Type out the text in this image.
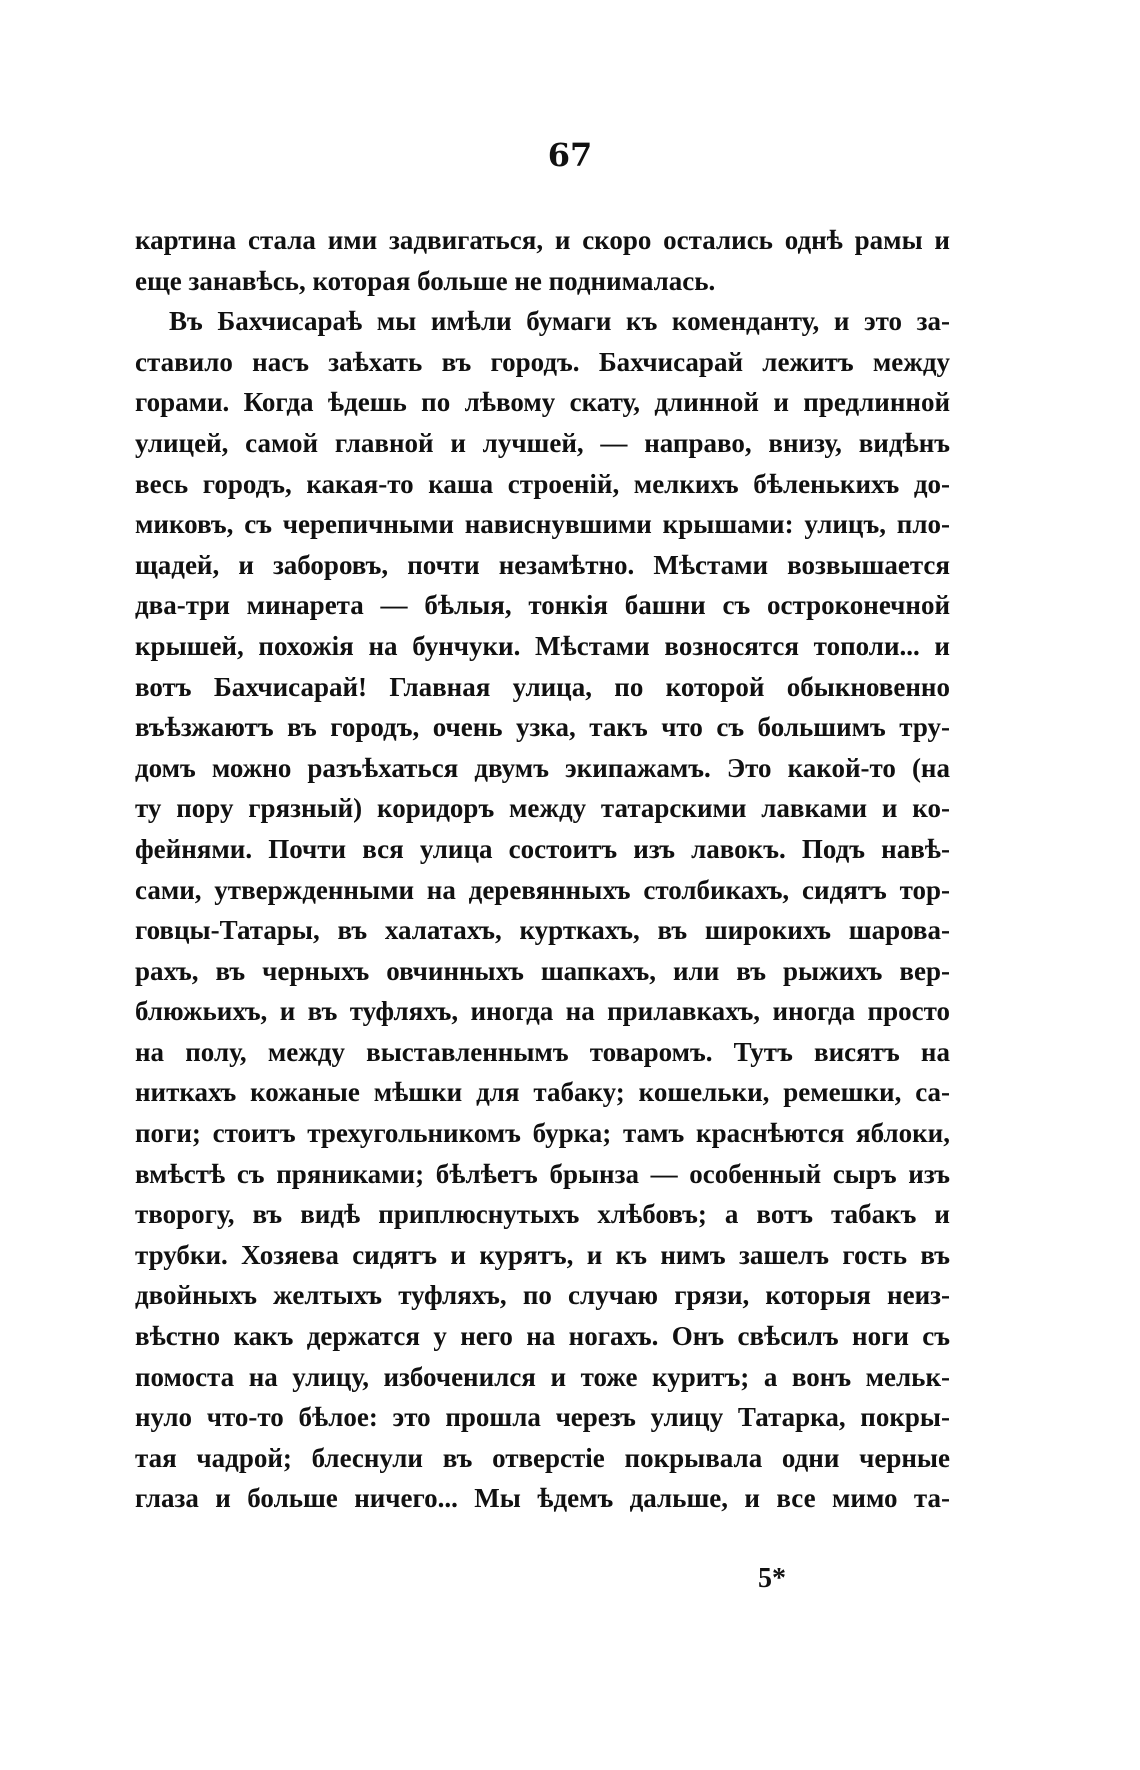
67
картина стала ими задвигаться, и скоро остались однѣ рамы и
еще занавѣсь, которая больше не поднималась.
Въ Бахчисараѣ мы имѣли бумаги къ коменданту, и это за-
ставило насъ заѣхать въ городъ. Бахчисарай лежитъ между
горами. Когда ѣдешь по лѣвому скату, длинной и предлинной
улицей, самой главной и лучшей, — направо, внизу, видѣнъ
весь городъ, какая-то каша строеній, мелкихъ бѣленькихъ до-
миковъ, съ черепичными нависнувшими крышами: улицъ, пло-
щадей, и заборовъ, почти незамѣтно. Мѣстами возвышается
два-три минарета — бѣлыя, тонкія башни съ остроконечной
крышей, похожія на бунчуки. Мѣстами возносятся тополи... и
вотъ Бахчисарай! Главная улица, по которой обыкновенно
въѣзжаютъ въ городъ, очень узка, такъ что съ большимъ тру-
домъ можно разъѣхаться двумъ экипажамъ. Это какой-то (на
ту пору грязный) коридоръ между татарскими лавками и ко-
фейнями. Почти вся улица состоитъ изъ лавокъ. Подъ навѣ-
сами, утвержденными на деревянныхъ столбикахъ, сидятъ тор-
говцы-Татары, въ халатахъ, курткахъ, въ широкихъ шарова-
рахъ, въ черныхъ овчинныхъ шапкахъ, или въ рыжихъ вер-
блюжьихъ, и въ туфляхъ, иногда на прилавкахъ, иногда просто
на полу, между выставленнымъ товаромъ. Тутъ висятъ на
ниткахъ кожаные мѣшки для табаку; кошельки, ремешки, са-
поги; стоитъ трехугольникомъ бурка; тамъ краснѣются яблоки,
вмѣстѣ съ пряниками; бѣлѣетъ брынза — особенный сыръ изъ
творогу, въ видѣ приплюснутыхъ хлѣбовъ; а вотъ табакъ и
трубки. Хозяева сидятъ и курятъ, и къ нимъ зашелъ гость въ
двойныхъ желтыхъ туфляхъ, по случаю грязи, которыя неиз-
вѣстно какъ держатся у него на ногахъ. Онъ свѣсилъ ноги съ
помоста на улицу, избоченился и тоже куритъ; а вонъ мельк-
нуло что-то бѣлое: это прошла черезъ улицу Татарка, покры-
тая чадрой; блеснули въ отверстіе покрывала одни черные
глаза и больше ничего... Мы ѣдемъ дальше, и все мимо та-
5*
